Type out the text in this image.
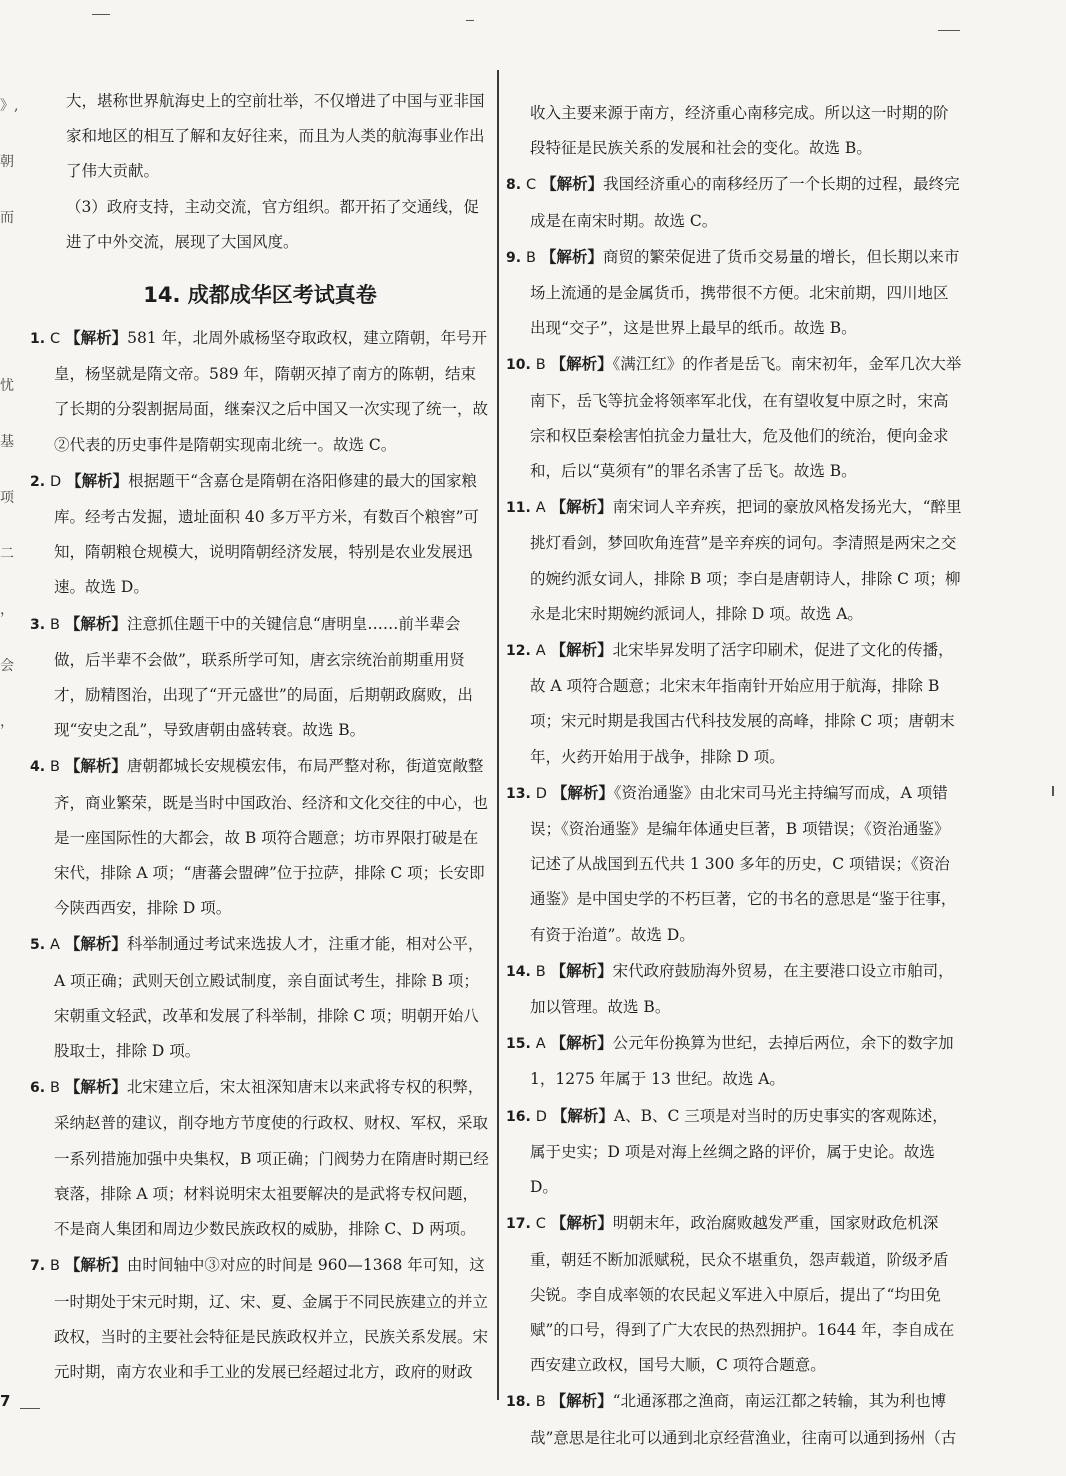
》,
朝
而
忧
基
项
二
，
会
，

大，堪称世界航海史上的空前壮举，不仅增进了中国与亚非国家和地区的相互了解和友好往来，而且为人类的航海事业作出了伟大贡献。

（3）政府支持，主动交流，官方组织。都开拓了交通线，促进了中外交流，展现了大国风度。

14. 成都成华区考试真卷

1. C 【解析】581 年，北周外戚杨坚夺取政权，建立隋朝，年号开皇，杨坚就是隋文帝。589 年，隋朝灭掉了南方的陈朝，结束了长期的分裂割据局面，继秦汉之后中国又一次实现了统一，故②代表的历史事件是隋朝实现南北统一。故选 C。

2. D 【解析】根据题干“含嘉仓是隋朝在洛阳修建的最大的国家粮库。经考古发掘，遗址面积 40 多万平方米，有数百个粮窖”可知，隋朝粮仓规模大，说明隋朝经济发展，特别是农业发展迅速。故选 D。

3. B 【解析】注意抓住题干中的关键信息“唐明皇……前半辈会做，后半辈不会做”，联系所学可知，唐玄宗统治前期重用贤才，励精图治，出现了“开元盛世”的局面，后期朝政腐败，出现“安史之乱”，导致唐朝由盛转衰。故选 B。

4. B 【解析】唐朝都城长安规模宏伟，布局严整对称，街道宽敞整齐，商业繁荣，既是当时中国政治、经济和文化交往的中心，也是一座国际性的大都会，故 B 项符合题意；坊市界限打破是在宋代，排除 A 项；“唐蕃会盟碑”位于拉萨，排除 C 项；长安即今陕西西安，排除 D 项。

5. A 【解析】科举制通过考试来选拔人才，注重才能，相对公平，A 项正确；武则天创立殿试制度，亲自面试考生，排除 B 项；宋朝重文轻武，改革和发展了科举制，排除 C 项；明朝开始八股取士，排除 D 项。

6. B 【解析】北宋建立后，宋太祖深知唐末以来武将专权的积弊，采纳赵普的建议，削夺地方节度使的行政权、财权、军权，采取一系列措施加强中央集权，B 项正确；门阀势力在隋唐时期已经衰落，排除 A 项；材料说明宋太祖要解决的是武将专权问题，不是商人集团和周边少数民族政权的威胁，排除 C、D 两项。

7. B 【解析】由时间轴中③对应的时间是 960—1368 年可知，这一时期处于宋元时期，辽、宋、夏、金属于不同民族建立的并立政权，当时的主要社会特征是民族政权并立，民族关系发展。宋元时期，南方农业和手工业的发展已经超过北方，政府的财政

收入主要来源于南方，经济重心南移完成。所以这一时期的阶段特征是民族关系的发展和社会的变化。故选 B。

8. C 【解析】我国经济重心的南移经历了一个长期的过程，最终完成是在南宋时期。故选 C。

9. B 【解析】商贸的繁荣促进了货币交易量的增长，但长期以来市场上流通的是金属货币，携带很不方便。北宋前期，四川地区出现“交子”，这是世界上最早的纸币。故选 B。

10. B 【解析】《满江红》的作者是岳飞。南宋初年，金军几次大举南下，岳飞等抗金将领率军北伐，在有望收复中原之时，宋高宗和权臣秦桧害怕抗金力量壮大，危及他们的统治，便向金求和，后以“莫须有”的罪名杀害了岳飞。故选 B。

11. A 【解析】南宋词人辛弃疾，把词的豪放风格发扬光大，“醉里挑灯看剑，梦回吹角连营”是辛弃疾的词句。李清照是两宋之交的婉约派女词人，排除 B 项；李白是唐朝诗人，排除 C 项；柳永是北宋时期婉约派词人，排除 D 项。故选 A。

12. A 【解析】北宋毕昇发明了活字印刷术，促进了文化的传播，故 A 项符合题意；北宋末年指南针开始应用于航海，排除 B 项；宋元时期是我国古代科技发展的高峰，排除 C 项；唐朝末年，火药开始用于战争，排除 D 项。

13. D 【解析】《资治通鉴》由北宋司马光主持编写而成，A 项错误；《资治通鉴》是编年体通史巨著，B 项错误；《资治通鉴》记述了从战国到五代共 1 300 多年的历史，C 项错误；《资治通鉴》是中国史学的不朽巨著，它的书名的意思是“鉴于往事，有资于治道”。故选 D。

14. B 【解析】宋代政府鼓励海外贸易，在主要港口设立市舶司，加以管理。故选 B。

15. A 【解析】公元年份换算为世纪，去掉后两位，余下的数字加 1，1275 年属于 13 世纪。故选 A。

16. D 【解析】A、B、C 三项是对当时的历史事实的客观陈述，属于史实；D 项是对海上丝绸之路的评价，属于史论。故选 D。

17. C 【解析】明朝末年，政治腐败越发严重，国家财政危机深重，朝廷不断加派赋税，民众不堪重负，怨声载道，阶级矛盾尖锐。李自成率领的农民起义军进入中原后，提出了“均田免赋”的口号，得到了广大农民的热烈拥护。1644 年，李自成在西安建立政权，国号大顺，C 项符合题意。

18. B 【解析】“北通涿郡之渔商，南运江都之转输，其为利也博哉”意思是往北可以通到北京经营渔业，往南可以通到扬州（古

7
